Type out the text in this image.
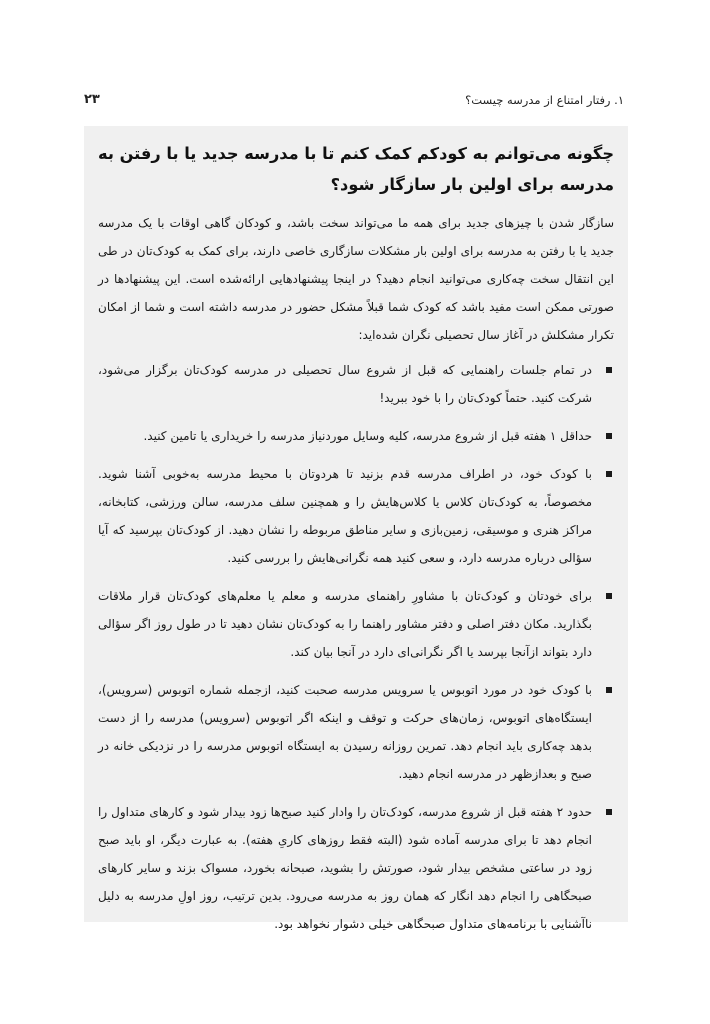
۲۳	۱. رفتار امتناع از مدرسه چیست؟
چگونه می‌توانم به کودکم کمک کنم تا با مدرسه جدید یا با رفتن به مدرسه برای اولین بار سازگار شود؟

سازگار شدن با چیزهای جدید برای همه ما می‌تواند سخت باشد، و کودکان گاهی اوقات با یک مدرسه جدید یا با رفتن به مدرسه برای اولین بار مشکلات سازگاری خاصی دارند، برای کمک به کودک‌تان در طی این انتقال سخت چه‌کاری می‌توانید انجام دهید؟ در اینجا پیشنهادهایی ارائه‌شده است. این پیشنهادها در صورتی ممکن است مفید باشد که کودک شما قبلاً مشکل حضور در مدرسه داشته است و شما از امکان تکرار مشکلش در آغاز سال تحصیلی نگران شده‌اید:

در تمام جلسات راهنمایی که قبل از شروع سال تحصیلی در مدرسه کودک‌تان برگزار می‌شود، شرکت کنید. حتماً کودک‌تان را با خود ببرید!
حداقل ۱ هفته قبل از شروع مدرسه، کلیه وسایل موردنیاز مدرسه را خریداری یا تامین کنید.
با کودک خود، در اطراف مدرسه قدم بزنید تا هردوتان با محیط مدرسه به‌خوبی آشنا شوید. مخصوصاً، به کودک‌تان کلاس یا کلاس‌هایش را و همچنین سلف مدرسه، سالن ورزشی، کتابخانه، مراکز هنری و موسیقی، زمین‌بازی و سایر مناطق مربوطه را نشان دهید. از کودک‌تان بپرسید که آیا سؤالی درباره مدرسه دارد، و سعی کنید همه نگرانی‌هایش را بررسی کنید.
برای خودتان و کودک‌تان با مشاورِ راهنمای مدرسه و معلم یا معلم‌های کودک‌تان قرار ملاقات بگذارید. مکان دفتر اصلی و دفتر مشاور راهنما را به کودک‌تان نشان دهید تا در طول روز اگر سؤالی دارد بتواند ازآنجا بپرسد یا اگر نگرانی‌ای دارد در آنجا بیان کند.
با کودک خود در مورد اتوبوس یا سرویس مدرسه صحبت کنید، ازجمله شماره اتوبوس (سرویس)، ایستگاه‌های اتوبوس، زمان‌های حرکت و توقف و اینکه اگر اتوبوس (سرویس) مدرسه را از دست بدهد چه‌کاری باید انجام دهد. تمرین روزانه رسیدن به ایستگاه اتوبوس مدرسه را در نزدیکی خانه در صبح و بعدازظهر در مدرسه انجام دهید.
حدود ۲ هفته قبل از شروع مدرسه، کودک‌تان را وادار کنید صبح‌ها زود بیدار شود و کارهای متداول را انجام دهد تا برای مدرسه آماده شود (البته فقط روزهای کاریِ هفته). به عبارت دیگر، او باید صبح زود در ساعتی مشخص بیدار شود، صورتش را بشوید، صبحانه بخورد، مسواک بزند و سایر کارهای صبحگاهی را انجام دهد انگار که همان روز به مدرسه می‌رود. بدین ترتیب، روز اولِ مدرسه به دلیل ناآشنایی با برنامه‌های متداول صبحگاهی خیلی دشوار نخواهد بود.
